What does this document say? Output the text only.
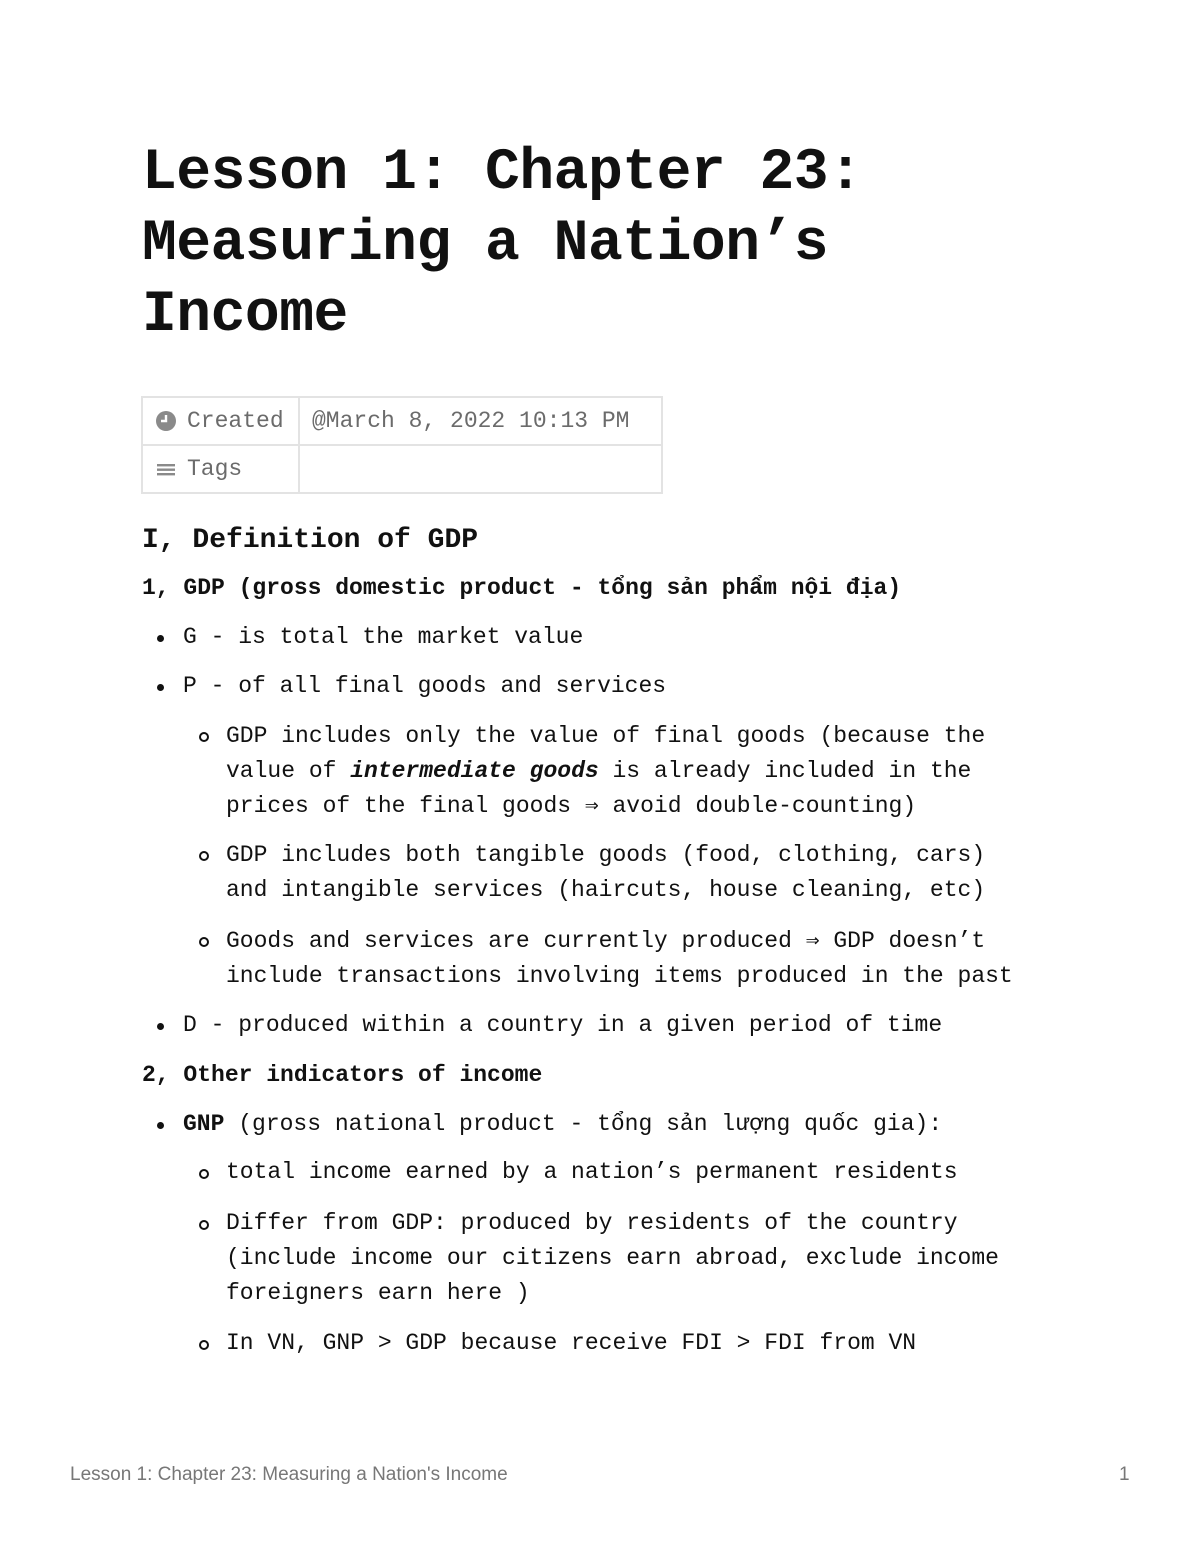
Lesson 1: Chapter 23: Measuring a Nation’s Income
Created	@March 8, 2022 10:13 PM

Tags	

I, Definition of GDP
1, GDP (gross domestic product - tổng sản phẩm nội địa)
G - is total the market value
P - of all final goods and services
GDP includes only the value of final goods (because the
value of intermediate goods is already included in the
prices of the final goods ⇒ avoid double-counting)
GDP includes both tangible goods (food, clothing, cars)
and intangible services (haircuts, house cleaning, etc)
Goods and services are currently produced ⇒ GDP doesn’t
include transactions involving items produced in the past
D - produced within a country in a given period of time
2, Other indicators of income
GNP (gross national product - tổng sản lượng quốc gia):
total income earned by a nation’s permanent residents
Differ from GDP: produced by residents of the country
(include income our citizens earn abroad, exclude income
foreigners earn here )
In VN, GNP > GDP because receive FDI > FDI from VN
Lesson 1: Chapter 23: Measuring a Nation's Income	1
